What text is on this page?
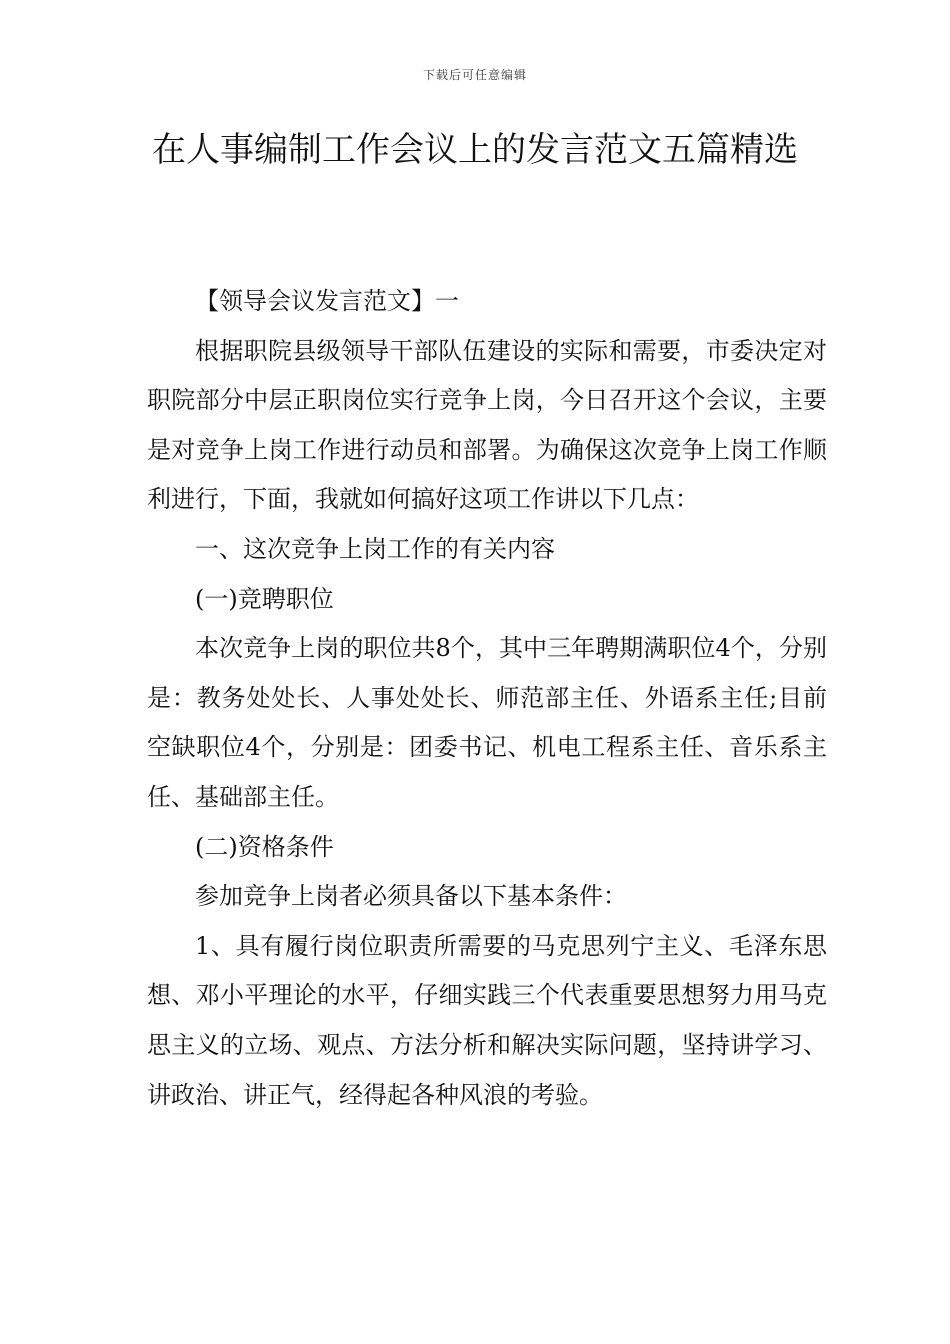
下载后可任意编辑
在人事编制工作会议上的发言范文五篇精选

【领导会议发言范文】一

根据职院县级领导干部队伍建设的实际和需要，市委决定对职院部分中层正职岗位实行竞争上岗，今日召开这个会议，主要是对竞争上岗工作进行动员和部署。为确保这次竞争上岗工作顺利进行，下面，我就如何搞好这项工作讲以下几点：

一、这次竞争上岗工作的有关内容

(一)竞聘职位

本次竞争上岗的职位共8个，其中三年聘期满职位4个，分别是：教务处处长、人事处处长、师范部主任、外语系主任;目前空缺职位4个，分别是：团委书记、机电工程系主任、音乐系主任、基础部主任。

(二)资格条件

参加竞争上岗者必须具备以下基本条件：

1、具有履行岗位职责所需要的马克思列宁主义、毛泽东思想、邓小平理论的水平，仔细实践三个代表重要思想努力用马克思主义的立场、观点、方法分析和解决实际问题，坚持讲学习、讲政治、讲正气，经得起各种风浪的考验。
